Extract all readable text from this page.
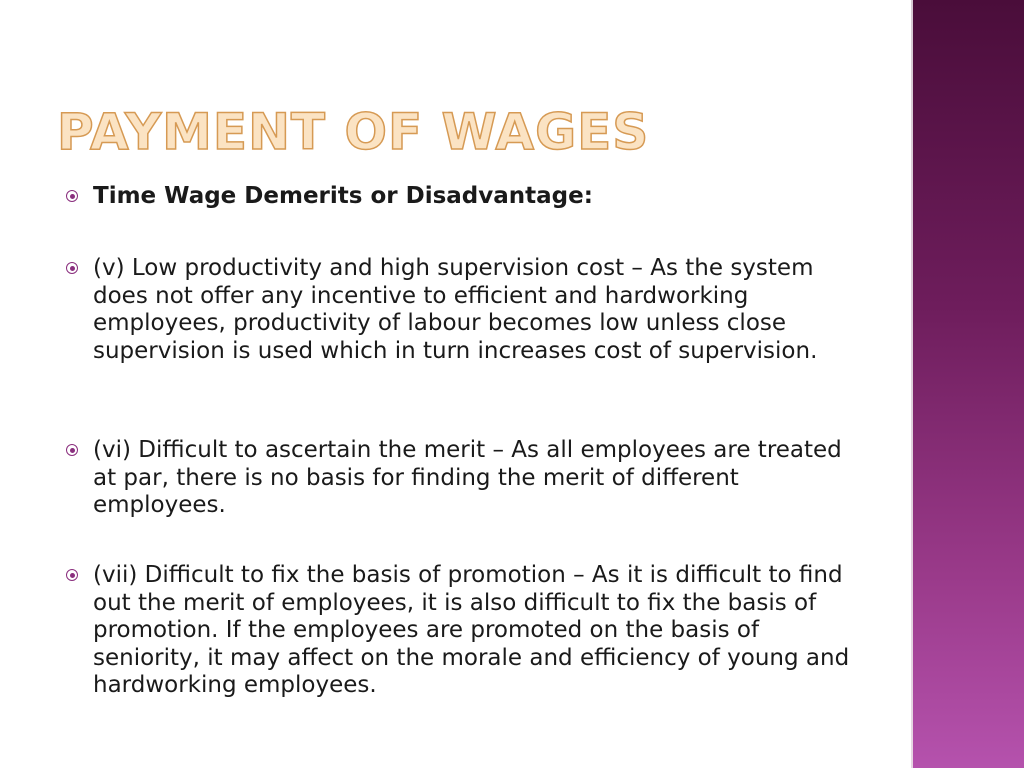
PAYMENT OF WAGES
Time Wage Demerits or Disadvantage:
(v) Low productivity and high supervision cost – As the system does not offer any incentive to efficient and hardworking employees, productivity of labour becomes low unless close supervision is used which in turn increases cost of supervision.
(vi) Difficult to ascertain the merit – As all employees are treated at par, there is no basis for finding the merit of different employees.
(vii) Difficult to fix the basis of promotion – As it is difficult to find out the merit of employees, it is also difficult to fix the basis of promotion. If the employees are promoted on the basis of seniority, it may affect on the morale and efficiency of young and hardworking employees.
